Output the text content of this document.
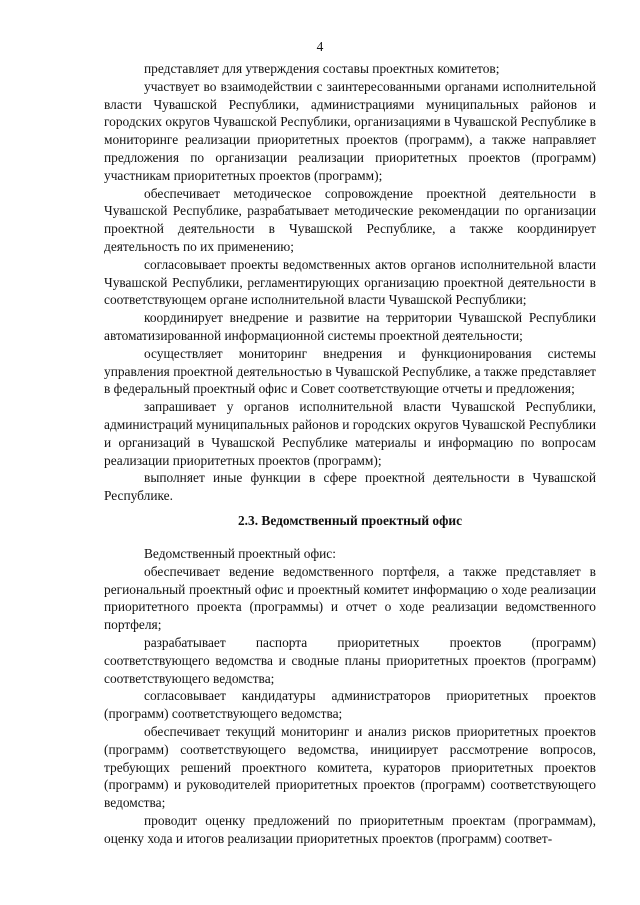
4

представляет для утверждения составы проектных комитетов;

участвует во взаимодействии с заинтересованными органами исполнительной власти Чувашской Республики, администрациями муниципальных районов и городских округов Чувашской Республики, организациями в Чувашской Республике в мониторинге реализации приоритетных проектов (программ), а также направляет предложения по организации реализации приоритетных проектов (программ) участникам приоритетных проектов (программ);

обеспечивает методическое сопровождение проектной деятельности в Чувашской Республике, разрабатывает методические рекомендации по организации проектной деятельности в Чувашской Республике, а также координирует деятельность по их применению;

согласовывает проекты ведомственных актов органов исполнительной власти Чувашской Республики, регламентирующих организацию проектной деятельности в соответствующем органе исполнительной власти Чувашской Республики;

координирует внедрение и развитие на территории Чувашской Республики автоматизированной информационной системы проектной деятельности;

осуществляет мониторинг внедрения и функционирования системы управления проектной деятельностью в Чувашской Республике, а также представляет в федеральный проектный офис и Совет соответствующие отчеты и предложения;

запрашивает у органов исполнительной власти Чувашской Республики, администраций муниципальных районов и городских округов Чувашской Республики и организаций в Чувашской Республике материалы и информацию по вопросам реализации приоритетных проектов (программ);

выполняет иные функции в сфере проектной деятельности в Чувашской Республике.

2.3. Ведомственный проектный офис

Ведомственный проектный офис:

обеспечивает ведение ведомственного портфеля, а также представляет в региональный проектный офис и проектный комитет информацию о ходе реализации приоритетного проекта (программы) и отчет о ходе реализации ведомственного портфеля;

разрабатывает паспорта приоритетных проектов (программ) соответствующего ведомства и сводные планы приоритетных проектов (программ) соответствующего ведомства;

согласовывает кандидатуры администраторов приоритетных проектов (программ) соответствующего ведомства;

обеспечивает текущий мониторинг и анализ рисков приоритетных проектов (программ) соответствующего ведомства, инициирует рассмотрение вопросов, требующих решений проектного комитета, кураторов приоритетных проектов (программ) и руководителей приоритетных проектов (программ) соответствующего ведомства;

проводит оценку предложений по приоритетным проектам (программам), оценку хода и итогов реализации приоритетных проектов (программ) соответ-
